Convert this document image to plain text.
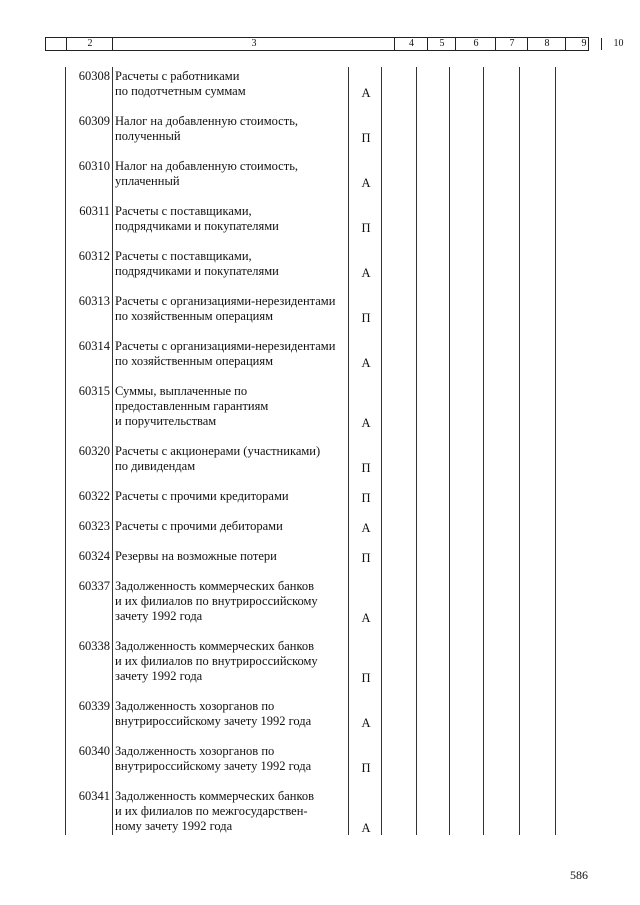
2	3	4	5	6	7	8	9	10
60308 Расчеты с работниками
по подотчетным суммам	А
60309 Налог на добавленную стоимость,
полученный	П
60310 Налог на добавленную стоимость,
уплаченный	А
60311 Расчеты с поставщиками,
подрядчиками и покупателями	П
60312 Расчеты с поставщиками,
подрядчиками и покупателями	А
60313 Расчеты с организациями-нерезидентами
по хозяйственным операциям	П
60314 Расчеты с организациями-нерезидентами
по хозяйственным операциям	А
60315 Суммы, выплаченные по
предоставленным гарантиям
и поручительствам	А
60320 Расчеты с акционерами (участниками)
по дивидендам	П
60322 Расчеты с прочими кредиторами	П
60323 Расчеты с прочими дебиторами	А
60324 Резервы на возможные потери	П
60337 Задолженность коммерческих банков
и их филиалов по внутрироссийскому
зачету 1992 года	А
60338 Задолженность коммерческих банков
и их филиалов по внутрироссийскому
зачету 1992 года	П
60339 Задолженность хозорганов по
внутрироссийскому зачету 1992 года	А
60340 Задолженность хозорганов по
внутрироссийскому зачету 1992 года	П
60341 Задолженность коммерческих банков
и их филиалов по межгосударствен-
ному зачету 1992 года	А
586
